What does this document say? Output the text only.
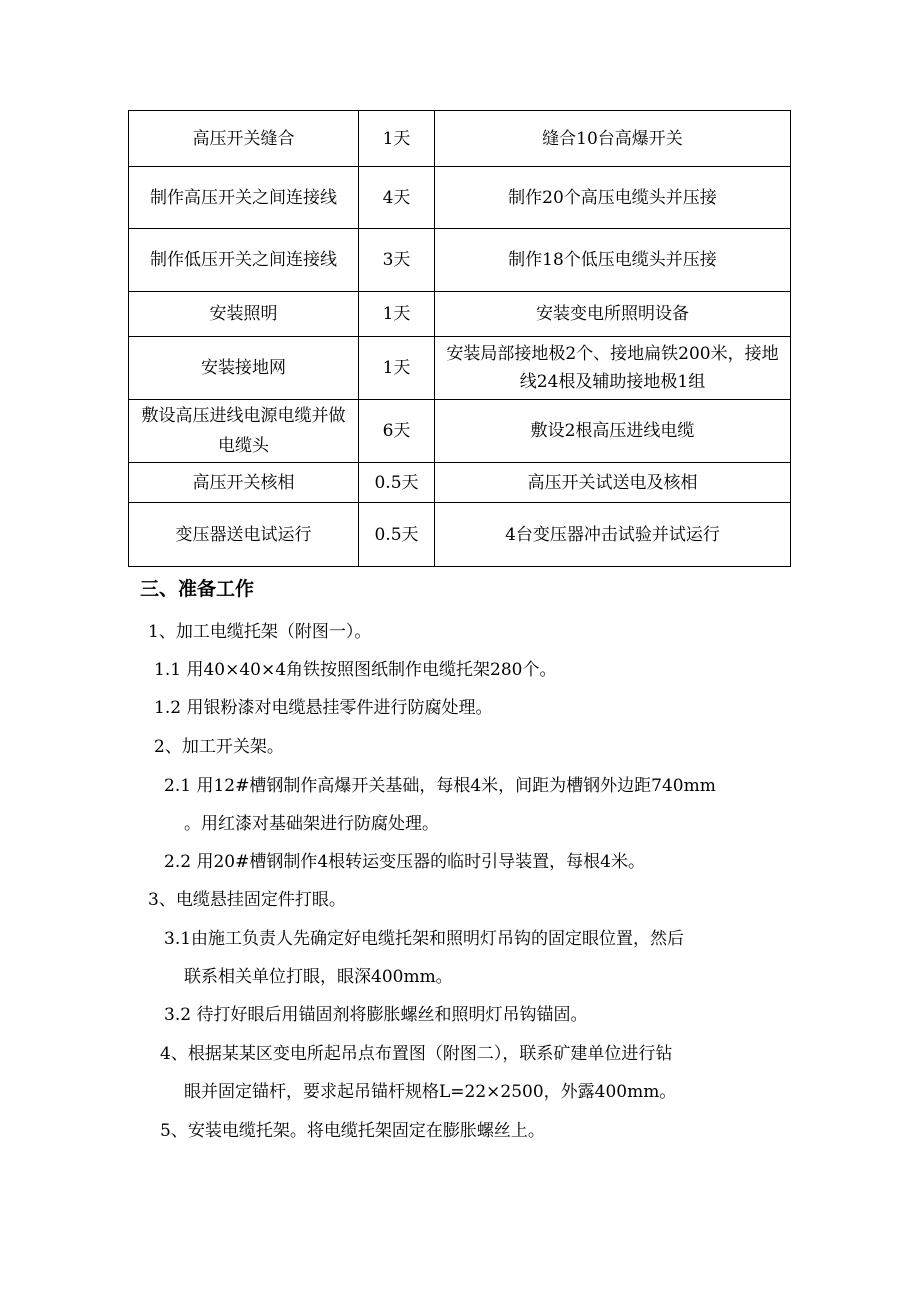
高压开关缝合	1天	缝合10台高爆开关
制作高压开关之间连接线	4天	制作20个高压电缆头并压接
制作低压开关之间连接线	3天	制作18个低压电缆头并压接
安装照明	1天	安装变电所照明设备
安装接地网	1天	安装局部接地极2个、接地扁铁200米，接地线24根及辅助接地极1组
敷设高压进线电源电缆并做电缆头	6天	敷设2根高压进线电缆
高压开关核相	0.5天	高压开关试送电及核相
变压器送电试运行	0.5天	4台变压器冲击试验并试运行
三、准备工作

1、加工电缆托架（附图一）。

1.1 用40×40×4角铁按照图纸制作电缆托架280个。

1.2 用银粉漆对电缆悬挂零件进行防腐处理。

2、加工开关架。

2.1 用12#槽钢制作高爆开关基础，每根4米，间距为槽钢外边距740mm

。用红漆对基础架进行防腐处理。

2.2 用20#槽钢制作4根转运变压器的临时引导装置，每根4米。

3、电缆悬挂固定件打眼。

3.1由施工负责人先确定好电缆托架和照明灯吊钩的固定眼位置，然后

联系相关单位打眼，眼深400mm。

3.2 待打好眼后用锚固剂将膨胀螺丝和照明灯吊钩锚固。

4、根据某某区变电所起吊点布置图（附图二），联系矿建单位进行钻

眼并固定锚杆，要求起吊锚杆规格L=22×2500，外露400mm。

5、安装电缆托架。将电缆托架固定在膨胀螺丝上。
